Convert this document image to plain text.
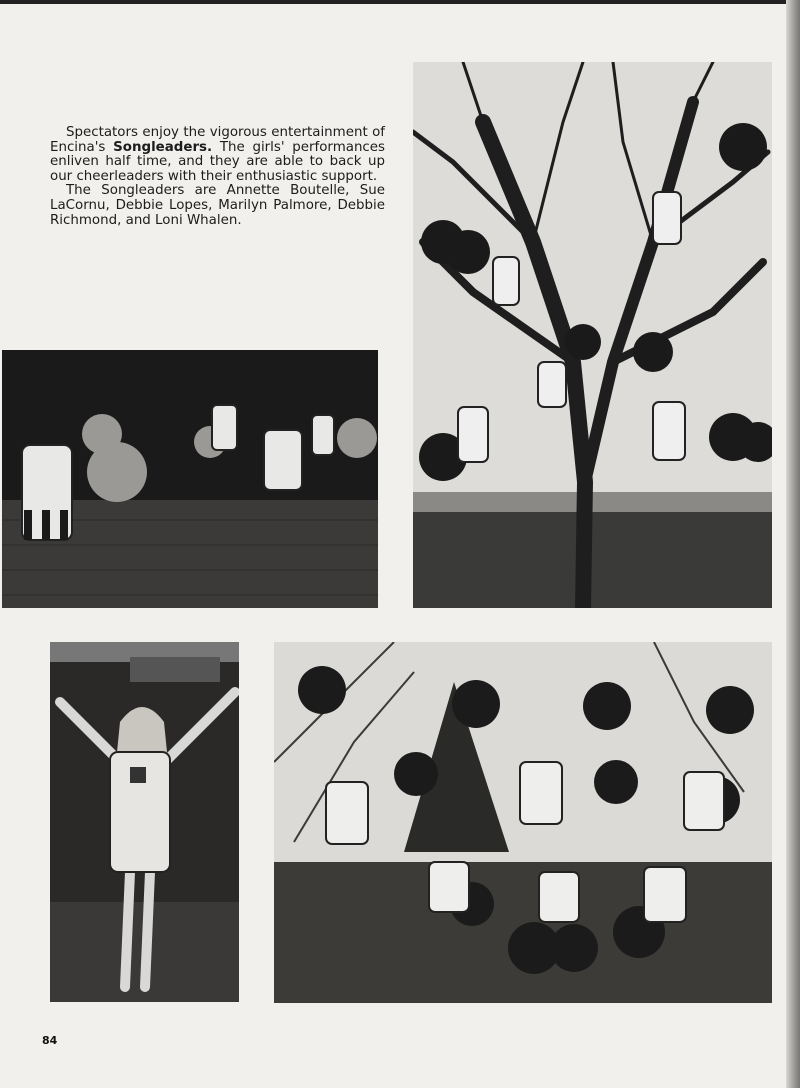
Spectators enjoy the vigorous entertainment of Encina's Songleaders. The girls' performances enliven half time, and they are able to back up our cheerleaders with their enthusiastic support.

The Songleaders are Annette Boutelle, Sue LaCornu, Debbie Lopes, Marilyn Palmore, Debbie Richmond, and Loni Whalen.

84
